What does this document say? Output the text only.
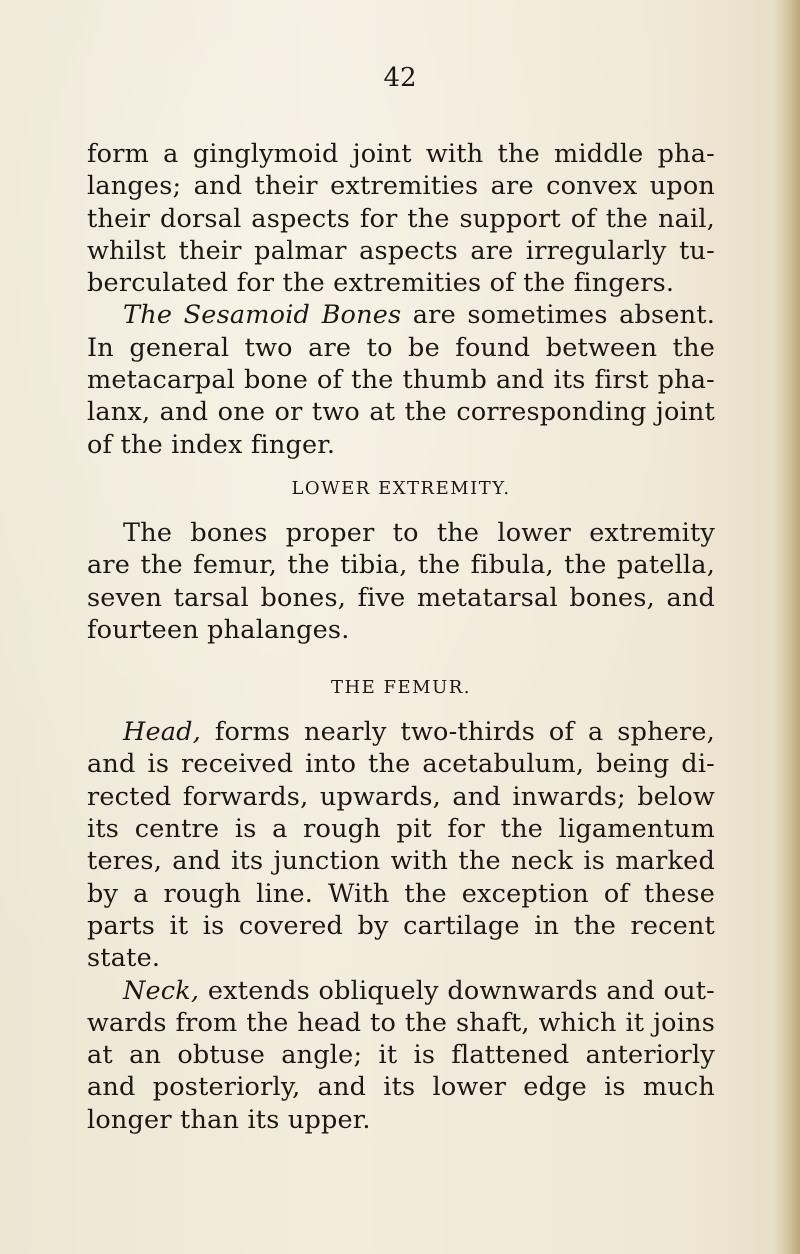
42
form a ginglymoid joint with the middle pha-
langes; and their extremities are convex upon
their dorsal aspects for the support of the nail,
whilst their palmar aspects are irregularly tu-
berculated for the extremities of the fingers.
The Sesamoid Bones are sometimes absent.
In general two are to be found between the
metacarpal bone of the thumb and its first pha-
lanx, and one or two at the corresponding joint
of the index finger.
LOWER EXTREMITY.
The bones proper to the lower extremity
are the femur, the tibia, the fibula, the patella,
seven tarsal bones, five metatarsal bones, and
fourteen phalanges.
THE FEMUR.
Head, forms nearly two-thirds of a sphere,
and is received into the acetabulum, being di-
rected forwards, upwards, and inwards; below
its centre is a rough pit for the ligamentum
teres, and its junction with the neck is marked
by a rough line. With the exception of these
parts it is covered by cartilage in the recent
state.
Neck, extends obliquely downwards and out-
wards from the head to the shaft, which it joins
at an obtuse angle; it is flattened anteriorly
and posteriorly, and its lower edge is much
longer than its upper.
